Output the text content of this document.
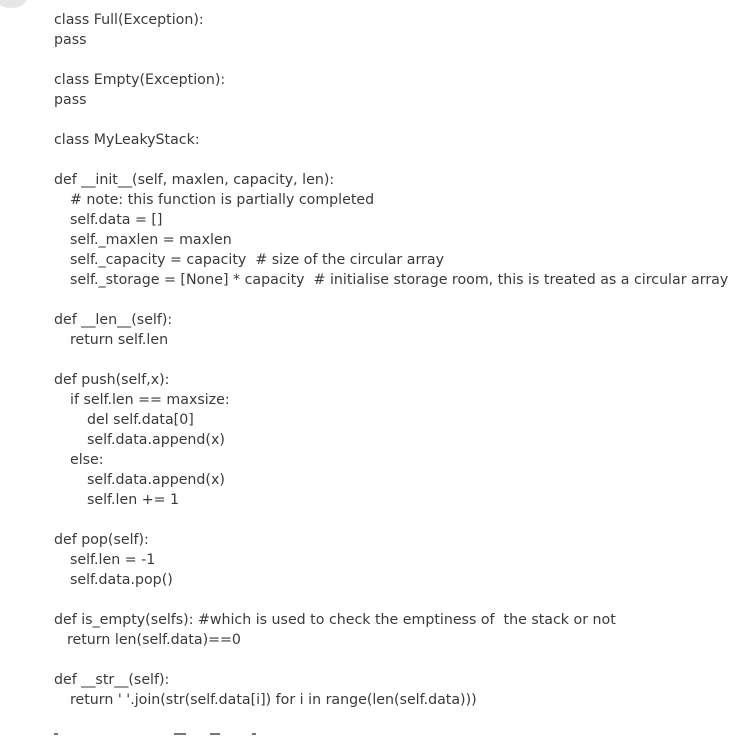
class Full(Exception):
pass
class Empty(Exception):
pass
class MyLeakyStack:
def __init__(self, maxlen, capacity, len):
# note: this function is partially completed
self.data = []
self._maxlen = maxlen
self._capacity = capacity  # size of the circular array
self._storage = [None] * capacity  # initialise storage room, this is treated as a circular array
def __len__(self):
return self.len
def push(self,x):
if self.len == maxsize:
del self.data[0]
self.data.append(x)
else:
self.data.append(x)
self.len += 1
def pop(self):
self.len = -1
self.data.pop()
def is_empty(selfs): #which is used to check the emptiness of  the stack or not
return len(self.data)==0
def __str__(self):
return ' '.join(str(self.data[i]) for i in range(len(self.data)))
